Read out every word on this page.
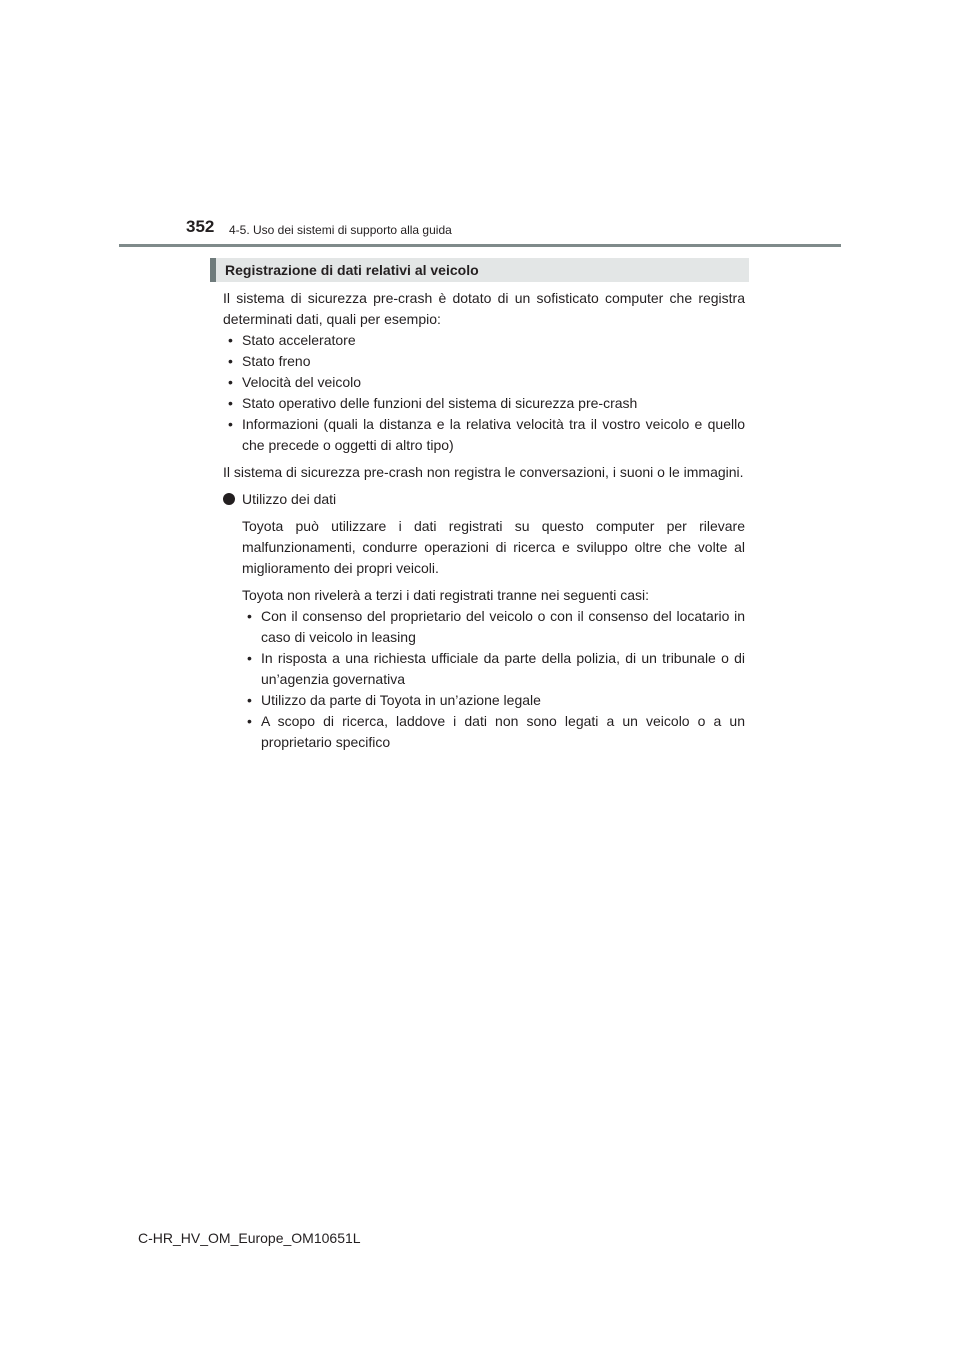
352 4-5. Uso dei sistemi di supporto alla guida
Registrazione di dati relativi al veicolo

Il sistema di sicurezza pre-crash è dotato di un sofisticato computer che registra determinati dati, quali per esempio:

• Stato acceleratore
• Stato freno
• Velocità del veicolo
• Stato operativo delle funzioni del sistema di sicurezza pre-crash
• Informazioni (quali la distanza e la relativa velocità tra il vostro veicolo e quello che precede o oggetti di altro tipo)

Il sistema di sicurezza pre-crash non registra le conversazioni, i suoni o le immagini.

Utilizzo dei dati

Toyota può utilizzare i dati registrati su questo computer per rilevare malfunzionamenti, condurre operazioni di ricerca e sviluppo oltre che volte al miglioramento dei propri veicoli.

Toyota non rivelerà a terzi i dati registrati tranne nei seguenti casi:

• Con il consenso del proprietario del veicolo o con il consenso del locatario in caso di veicolo in leasing
• In risposta a una richiesta ufficiale da parte della polizia, di un tribunale o di un’agenzia governativa
• Utilizzo da parte di Toyota in un’azione legale
• A scopo di ricerca, laddove i dati non sono legati a un veicolo o a un proprietario specifico
C-HR_HV_OM_Europe_OM10651L
